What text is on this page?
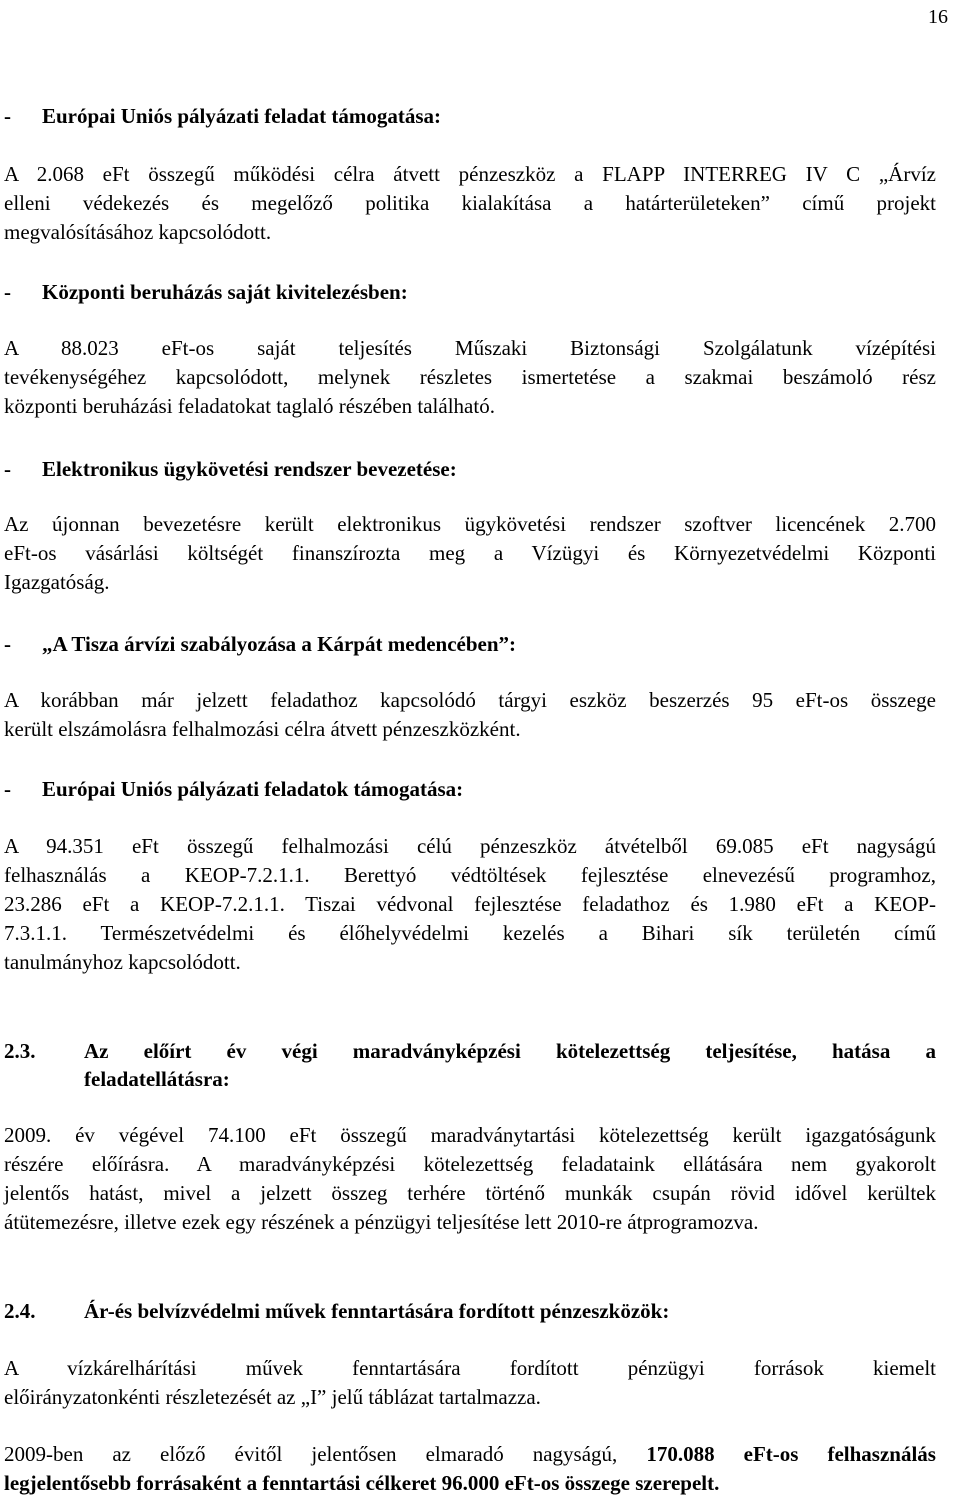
16
- Európai Uniós pályázati feladat támogatása:
A 2.068 eFt összegű működési célra átvett pénzeszköz a FLAPP INTERREG IV C „Árvíz
elleni védekezés és megelőző politika kialakítása a határterületeken” című projekt
megvalósításához kapcsolódott.
- Központi beruházás saját kivitelezésben:
A 88.023 eFt-os saját teljesítés Műszaki Biztonsági Szolgálatunk vízépítési
tevékenységéhez kapcsolódott, melynek részletes ismertetése a szakmai beszámoló rész
központi beruházási feladatokat taglaló részében található.
- Elektronikus ügykövetési rendszer bevezetése:
Az újonnan bevezetésre került elektronikus ügykövetési rendszer szoftver licencének 2.700
eFt-os vásárlási költségét finanszírozta meg a Vízügyi és Környezetvédelmi Központi
Igazgatóság.
- „A Tisza árvízi szabályozása a Kárpát medencében”:
A korábban már jelzett feladathoz kapcsolódó tárgyi eszköz beszerzés 95 eFt-os összege
került elszámolásra felhalmozási célra átvett pénzeszközként.
- Európai Uniós pályázati feladatok támogatása:
A 94.351 eFt összegű felhalmozási célú pénzeszköz átvételből 69.085 eFt nagyságú
felhasználás a KEOP-7.2.1.1. Berettyó védtöltések fejlesztése elnevezésű programhoz,
23.286 eFt a KEOP-7.2.1.1. Tiszai védvonal fejlesztése feladathoz és 1.980 eFt a KEOP-
7.3.1.1. Természetvédelmi és élőhelyvédelmi kezelés a Bihari sík területén című
tanulmányhoz kapcsolódott.
2.3. Az előírt év végi maradványképzési kötelezettség teljesítése, hatása a
feladatellátásra:
2009. év végével 74.100 eFt összegű maradványtartási kötelezettség került igazgatóságunk
részére előírásra. A maradványképzési kötelezettség feladataink ellátására nem gyakorolt
jelentős hatást, mivel a jelzett összeg terhére történő munkák csupán rövid idővel kerültek
átütemezésre, illetve ezek egy részének a pénzügyi teljesítése lett 2010-re átprogramozva.
2.4. Ár-és belvízvédelmi művek fenntartására fordított pénzeszközök:
A vízkárelhárítási művek fenntartására fordított pénzügyi források kiemelt
előirányzatonkénti részletezését az „I” jelű táblázat tartalmazza.
2009-ben az előző évitől jelentősen elmaradó nagyságú, 170.088 eFt-os felhasználás
legjelentősebb forrásaként a fenntartási célkeret 96.000 eFt-os összege szerepelt.
